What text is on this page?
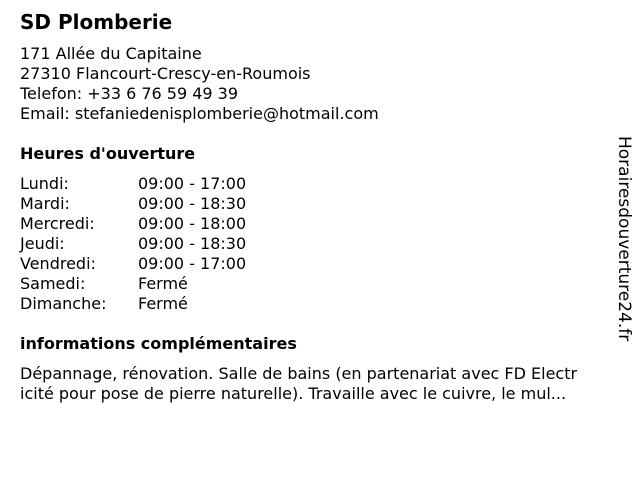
SD Plomberie
171 Allée du Capitaine
27310 Flancourt-Crescy-en-Roumois
Telefon: +33 6 76 59 49 39
Email: stefaniedenisplomberie@hotmail.com
Heures d'ouverture
Lundi:	09:00 - 17:00
Mardi:	09:00 - 18:30
Mercredi:	09:00 - 18:00
Jeudi:	09:00 - 18:30
Vendredi:	09:00 - 17:00
Samedi:	Fermé
Dimanche: Fermé
informations complémentaires
Dépannage, rénovation. Salle de bains (en partenariat avec FD Electr
icité pour pose de pierre naturelle). Travaille avec le cuivre, le mul...
Horairesdouverture24.fr
